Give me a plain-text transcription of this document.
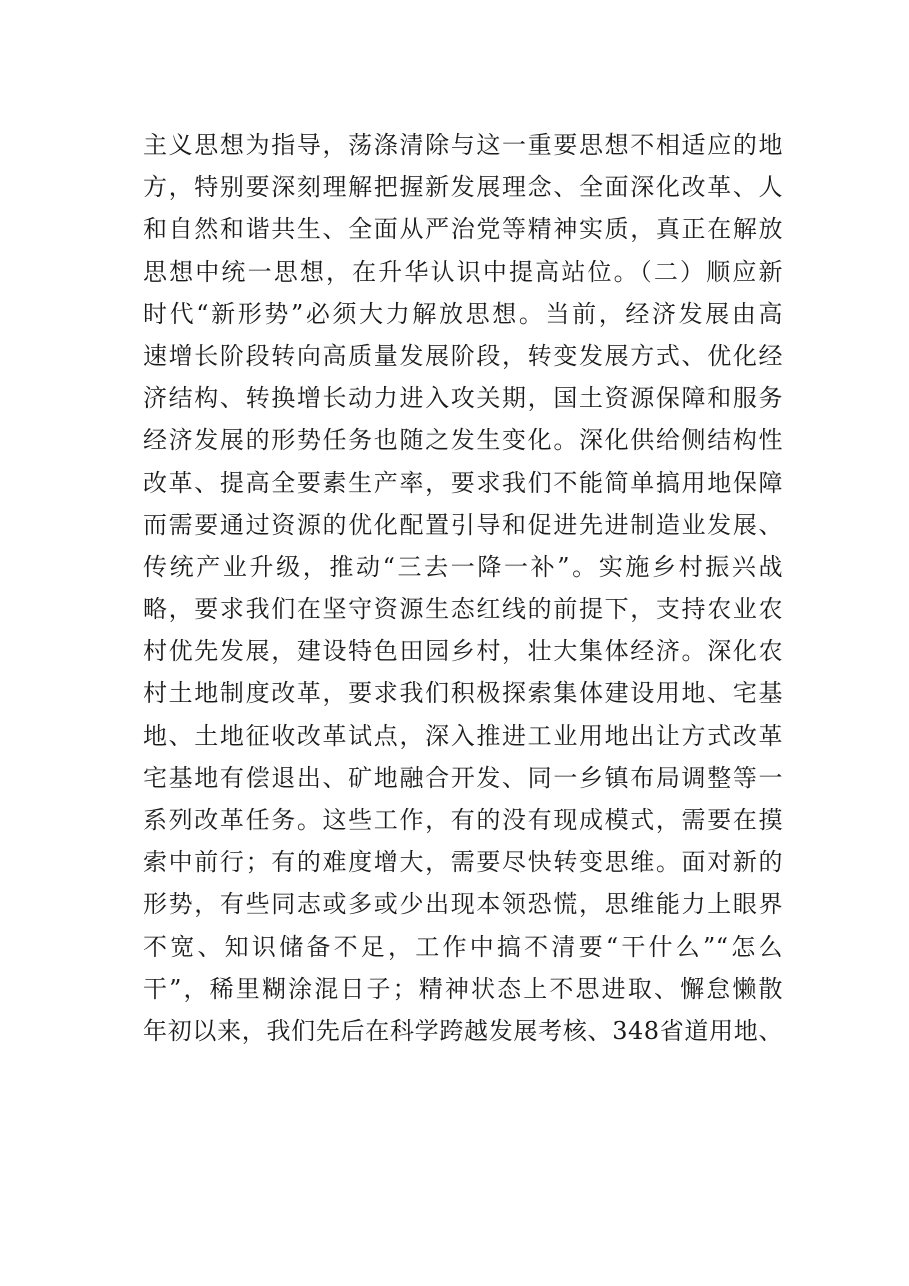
主义思想为指导，荡涤清除与这一重要思想不相适应的地
方，特别要深刻理解把握新发展理念、全面深化改革、人
和自然和谐共生、全面从严治党等精神实质，真正在解放
思想中统一思想，在升华认识中提高站位。（二）顺应新
时代“新形势”必须大力解放思想。当前，经济发展由高
速增长阶段转向高质量发展阶段，转变发展方式、优化经
济结构、转换增长动力进入攻关期，国土资源保障和服务
经济发展的形势任务也随之发生变化。深化供给侧结构性
改革、提高全要素生产率，要求我们不能简单搞用地保障
而需要通过资源的优化配置引导和促进先进制造业发展、
传统产业升级，推动“三去一降一补”。实施乡村振兴战
略，要求我们在坚守资源生态红线的前提下，支持农业农
村优先发展，建设特色田园乡村，壮大集体经济。深化农
村土地制度改革，要求我们积极探索集体建设用地、宅基
地、土地征收改革试点，深入推进工业用地出让方式改革
宅基地有偿退出、矿地融合开发、同一乡镇布局调整等一
系列改革任务。这些工作，有的没有现成模式，需要在摸
索中前行；有的难度增大，需要尽快转变思维。面对新的
形势，有些同志或多或少出现本领恐慌，思维能力上眼界
不宽、知识储备不足，工作中搞不清要“干什么”“怎么
干”，稀里糊涂混日子；精神状态上不思进取、懈怠懒散
年初以来，我们先后在科学跨越发展考核、348省道用地、
